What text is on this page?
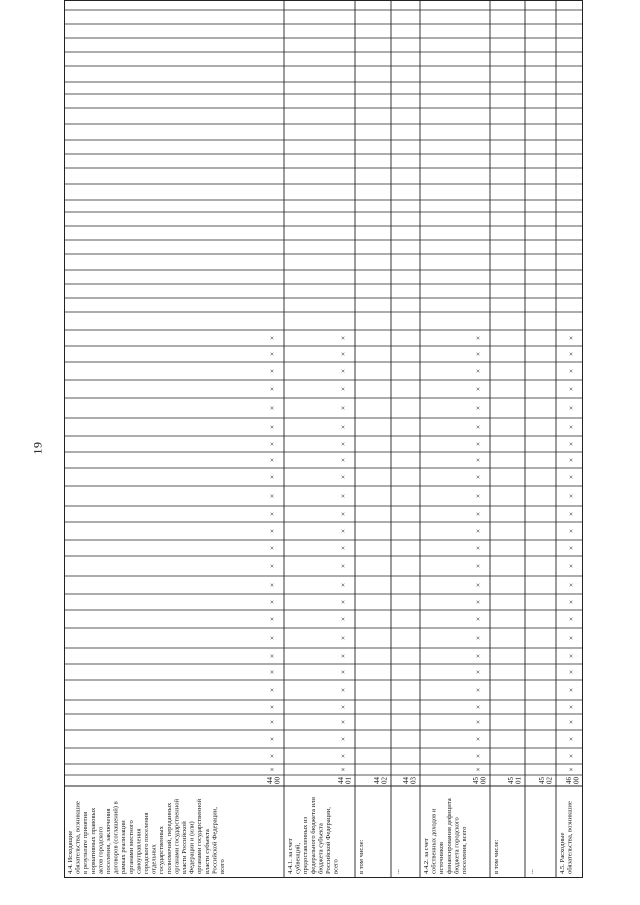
19
4.4. Исходящиеобязательства, возникшиев результате принятиянормативных правовыхактов городскогопоселения, заключениядоговоров (соглашений) врамках реализацииорганами местногосамоуправлениягородского поселенияотдельныхгосударственныхполномочий, переданныхорганами государственнойвласти РоссийскойФедерации и (или)органами государственнойвласти субъектаРоссийской Федерации,всего
4400
×
×
×
×
×
×
×
×
×
×
×
×
×
×
×
×
×
×
×
×
×
×
×
×
×
×
4.4.1. за счетсубвенций,предоставленных изфедерального бюджета илибюджета субъектаРоссийской Федерации,всего
4401
×
×
×
×
×
×
×
×
×
×
×
×
×
×
×
×
×
×
×
×
×
×
×
×
×
×
в том числе:
4402
...
4403
4.4.2. за счетсобственных доходов иисточниковфинансирования дефицитабюджета городскогопоселения, всего
4500
×
×
×
×
×
×
×
×
×
×
×
×
×
×
×
×
×
×
×
×
×
×
×
×
×
×
в том числе:
4501
...
4502
4.5. Расходныеобязательства, возникшие
4600
×
×
×
×
×
×
×
×
×
×
×
×
×
×
×
×
×
×
×
×
×
×
×
×
×
×
